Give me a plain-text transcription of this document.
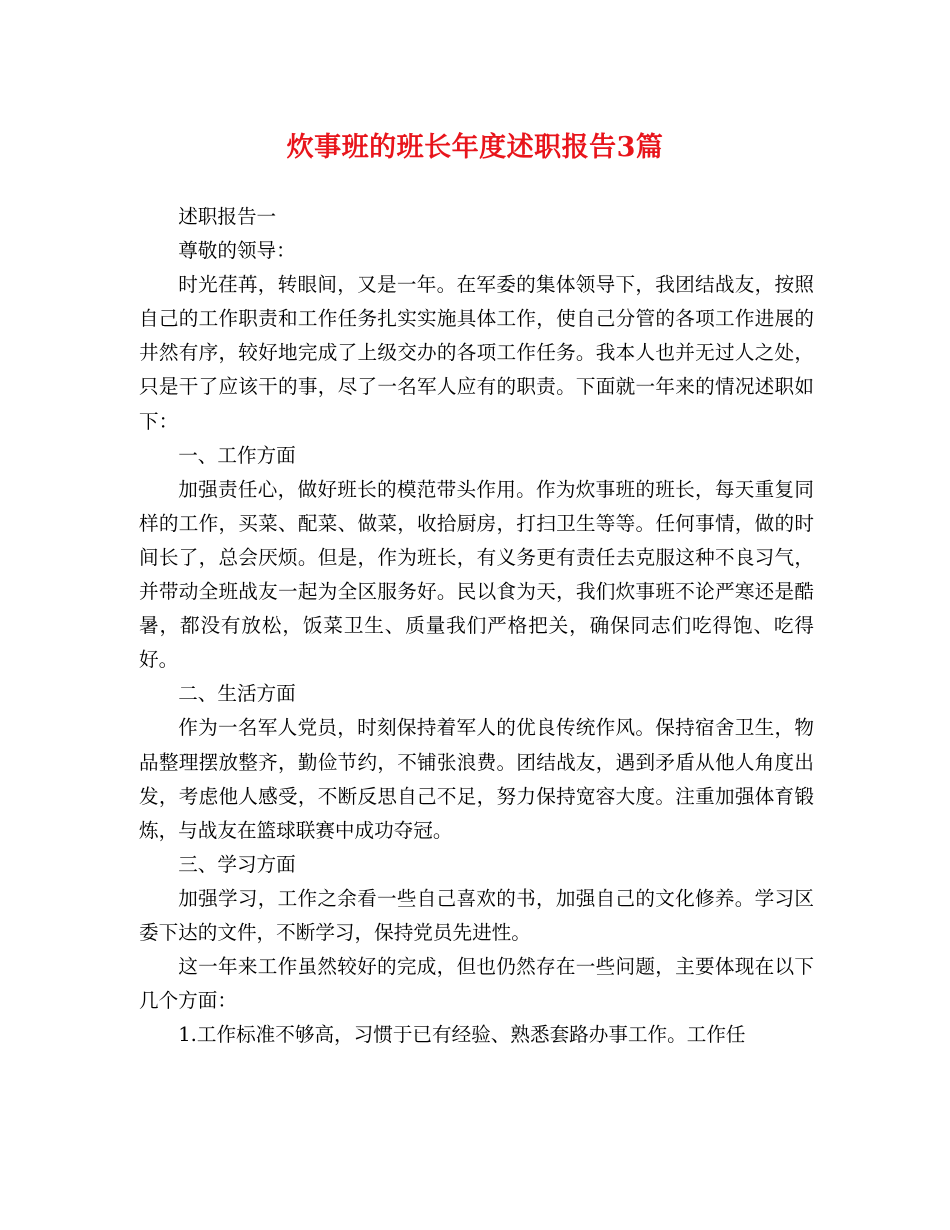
炊事班的班长年度述职报告3篇

述职报告一

尊敬的领导：

时光荏苒，转眼间，又是一年。在军委的集体领导下，我团结战友，按照自己的工作职责和工作任务扎实实施具体工作，使自己分管的各项工作进展的井然有序，较好地完成了上级交办的各项工作任务。我本人也并无过人之处，只是干了应该干的事，尽了一名军人应有的职责。下面就一年来的情况述职如下：

一、工作方面

加强责任心，做好班长的模范带头作用。作为炊事班的班长，每天重复同样的工作，买菜、配菜、做菜，收拾厨房，打扫卫生等等。任何事情，做的时间长了，总会厌烦。但是，作为班长，有义务更有责任去克服这种不良习气，并带动全班战友一起为全区服务好。民以食为天，我们炊事班不论严寒还是酷暑，都没有放松，饭菜卫生、质量我们严格把关，确保同志们吃得饱、吃得好。

二、生活方面

作为一名军人党员，时刻保持着军人的优良传统作风。保持宿舍卫生，物品整理摆放整齐，勤俭节约，不铺张浪费。团结战友，遇到矛盾从他人角度出发，考虑他人感受，不断反思自己不足，努力保持宽容大度。注重加强体育锻炼，与战友在篮球联赛中成功夺冠。

三、学习方面

加强学习，工作之余看一些自己喜欢的书，加强自己的文化修养。学习区委下达的文件，不断学习，保持党员先进性。

这一年来工作虽然较好的完成，但也仍然存在一些问题，主要体现在以下几个方面：

1.工作标准不够高，习惯于已有经验、熟悉套路办事工作。工作任
